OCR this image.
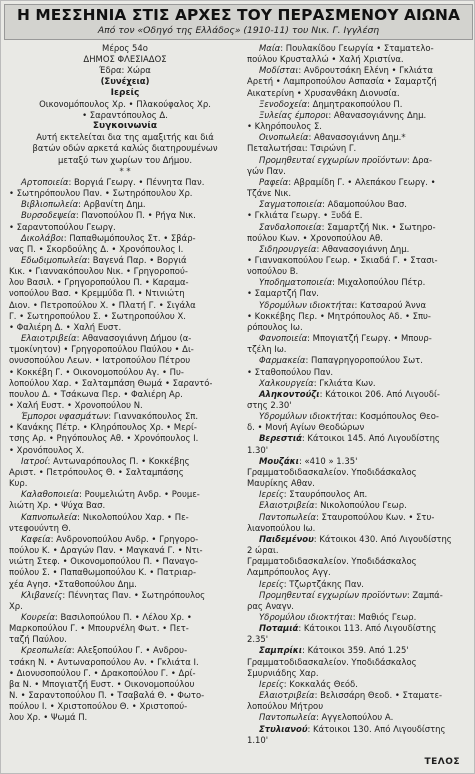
Η ΜΕΣΣΗΝΙΑ ΣΤΙΣ ΑΡΧΕΣ ΤΟΥ ΠΕΡΑΣΜΕΝΟΥ ΑΙΩΝΑ
Από τον «Οδηγό της Ελλάδος» (1910-11) του Νικ. Γ. Ιγγλέση
Μέρος 54ο
ΔΗΜΟΣ ΦΛΕΣΙΑΔΟΣ
Έδρα: Χώρα
(Συνέχεια)
Ιερείς
Οικονομόπουλος Χρ. • Πλακούφαλος Χρ.
• Σαραντόπουλος Δ.
Συγκοινωνία
Αυτή εκτελείται δια της αμαξιτής και διά
βατών οδών αρκετά καλώς διατηρουμένων
μεταξύ των χωρίων του Δήμου.
* *
Αρτοποιεία: Βοργιά Γεωργ. • Πέννητα Παν.
• Σωτηρόπουλου Παν. • Σωτηρόπουλου Χρ.
Βιβλιοπωλεία: Αρβανίτη Δημ.
Βυρσοδεψεία: Πανοπούλου Π. • Ρήγα Νικ.
• Σαραντοπούλου Γεωργ.
Δικολάβοι: Παπαθωμόπουλος Στ. • Σβάρ-
νας Π. • Σκορδούλης Δ. • Χρονόπουλος Ι.
Εδωδιμοπωλεία: Βαγενά Παρ. • Βοργιά
Κικ. • Γιαννακόπουλου Νικ. • Γρηγοροπού-
λου Βασιλ. • Γρηγοροπούλου Π. • Καραμα-
νοπούλου Βασ. • Κρεμμύδα Π. • Ντινιώτη
Διον. • Πετροπούλου Χ. • Πλατή Γ. • Σιγάλα
Γ. • Σωτηροπούλου Σ. • Σωτηροπούλου Χ.
• Φαλιέρη Δ. • Χαλή Ευστ.
Ελαιοτριβεία: Αθανασογιάννη Δήμου (α-
τμοκίνητον) • Γρηγοροπούλου Παύλου • Δι-
ονυσοπούλου Λεων. • Ιατροπούλου Πέτρου
• Κοκκέβη Γ. • Οικονομοπούλου Αγ. • Πυ-
λοπούλου Χαρ. • Σαλταμπάση Θωμά • Σαραντό-
πουλου Δ. • Τσάκωνα Περ. • Φαλιέρη Αρ.
• Χαλή Ευστ. • Χρονοπούλου Ν.
Έμποροι υφασμάτων: Γιαννακόπουλος Σπ.
• Κανάκης Πέτρ. • Κληρόπουλος Χρ. • Μερί-
τσης Αρ. • Ρηγόπουλος Αθ. • Χρονόπουλος Ι.
• Χρονόπουλος Χ.
Ιατροί: Αντωναρόπουλος Π. • Κοκκέβης
Αριστ. • Πετρόπουλος Θ. • Σαλταμπάσης
Κυρ.
Καλαθοποιεία: Ρουμελιώτη Ανδρ. • Ρουμε-
λιώτη Χρ. • Ψύχα Βασ.
Καπνοπωλεία: Νικολοπούλου Χαρ. • Πε-
ντεφουύντη Θ.
Καφεία: Ανδρονοπούλου Ανδρ. • Γρηγορο-
πούλου Κ. • Δραγών Παν. • Μαγκανά Γ. • Ντι-
νιώτη Στεφ. • Οικονομοπούλου Π. • Παναγο-
πούλου Σ. • Παπαθωμοπούλου Κ. • Πατριαρ-
χέα Αγησ. •Σταθοπούλου Δημ.
Κλιβανείς: Πέννητας Παν. • Σωτηρόπουλος
Χρ.
Κουρεία: Βασιλοπούλου Π. • Λέλου Χρ. •
Μαρκοπούλου Γ. • Μπουρνέλη Φωτ. • Πετ-
ταζή Παύλου.
Κρεοπωλεία: Αλεξοπούλου Γ. • Ανδρου-
τσάκη Ν. • Αντωναροπούλου Αν. • Γκλιάτα Ι.
• Διονυσοπούλου Γ. • Δρακοπούλου Γ. • Δρί-
βα Ν. • Μπογιατζή Ευστ. • Οικονομοπούλου
Ν. • Σαραντοπούλου Π. • Τσαβαλά Θ. • Φωτο-
πούλου Ι. • Χριστοπούλου Θ. • Χριστοπού-
λου Χρ. • Ψωμά Π.
Μαία: Πουλακίδου Γεωργία • Σταματελο-
πούλου Κρυσταλλώ • Χαλή Χριστίνα.
Μοδίσται: Ανδρουτσάκη Ελένη • Γκλιάτα
Αρετή • Λαμπροπούλου Ασπασία • Σαμαρτζή
Αικατερίνη • Χρυσανθάκη Διονυσία.
Ξενοδοχεία: Δημητρακοπούλου Π.
Ξυλείας έμποροι: Αθανασογιάννης Δημ.
• Κληρόπουλος Σ.
Οινοπωλεία: Αθανασογιάννη Δημ.*
Πεταλωτήσαι: Τσιρώνη Γ.
Προμηθευταί εγχωρίων προϊόντων: Δρα-
γών Παν.
Ραφεία: Αβραμίδη Γ. • Αλεπάκου Γεωργ. •
Τζάνε Νικ.
Σαγματοποιεία: Αδαμοπούλου Βασ.
• Γκλιάτα Γεωργ. • Ξυδά Ε.
Σανδαλοποιεία: Σαμαρτζή Νικ. • Σωτηρο-
πούλου Κων. • Χρονοπούλου Αθ.
Σιδηρουργεία: Αθανασογιάννη Δημ.
• Γιαννακοπούλου Γεωρ. • Σκιαδά Γ. • Στασι-
νοπούλου Β.
Υποδηματοποιεία: Μιχαλοπούλου Πέτρ.
• Σαμαρτζή Παν.
Υδρομύλων ιδιοκτήται: Κατσαρού Άννα
• Κοκκέβης Περ. • Μητρόπουλος Αδ. • Σπυ-
ρόπουλος Ιω.
Φανοποιεία: Μπογιατζή Γεωργ. • Μπουρ-
τζέλη Ιω.
Φαρμακεία: Παπαγρηγοροπούλου Σωτ.
• Σταθοπούλου Παν.
Χαλκουργεία: Γκλιάτα Κων.
Αληκοντούζι: Κάτοικοι 206. Από Λιγουδί-
στης 2.30'
Υδρομύλων ιδιοκτήται: Κοσμόπουλος Θεο-
δ. • Μονή Αγίων Θεοδώρων
Βερεστιά: Κάτοικοι 145. Από Λιγουδίστης
1.30'
Μουζάκι: «410 » 1.35'
Γραμματοδιδασκαλείον. Υποδιδάσκαλος
Μαυρίκης Αθαν.
Ιερείς: Σταυρόπουλος Απ.
Ελαιοτριβεία: Νικολοπούλου Γεωρ.
Παντοπωλεία: Σταυροπούλου Κων. • Στυ-
λιανοπούλου Ιω.
Παιδεμένου: Κάτοικοι 430. Από Λιγουδίστης
2 ώραι.
Γραμματοδιδασκαλείον. Υποδιδάσκαλος
Λαμπρόπουλος Αγγ.
Ιερείς: Τζωρτζάκης Παν.
Προμηθευταί εγχωρίων προϊόντων: Ζαμπά-
ρας Αναγν.
Υδρομύλου ιδιοκτήται: Μαθιός Γεωρ.
Ποταμιά: Κάτοικοι 113. Από Λιγουδίστης
2.35'
Σαμπρίκι: Κάτοικοι 359. Από 1.25'
Γραμματοδιδασκαλείον. Υποδιδάσκαλος
Σμυρνιάδης Χαρ.
Ιερείς: Κοκκαλάς Θεόδ.
Ελαιοτριβεία: Βελισσάρη Θεοδ. • Σταματε-
λοπούλου Μήτρου
Παντοπωλεία: Αγγελοπούλου Α.
Στυλιανού: Κάτοικοι 130. Από Λιγουδίστης
1.10'
ΤΕΛΟΣ
